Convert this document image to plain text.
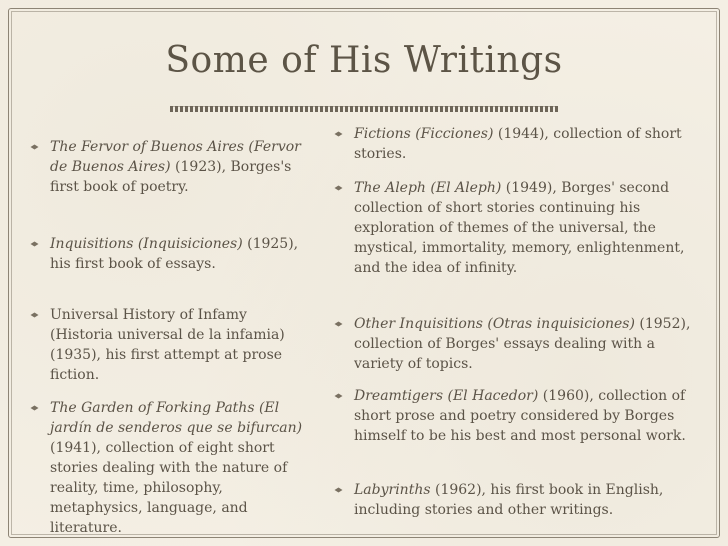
Some of His Writings
The Fervor of Buenos Aires (Fervor de Buenos Aires) (1923), Borges's first book of poetry.
Inquisitions (Inquisiciones) (1925), his first book of essays.
Universal History of Infamy (Historia universal de la infamia) (1935), his first attempt at prose fiction.
The Garden of Forking Paths (El jardín de senderos que se bifurcan) (1941), collection of eight short stories dealing with the nature of reality, time, philosophy, metaphysics, language, and literature.
Fictions (Ficciones) (1944), collection of short stories.
The Aleph (El Aleph) (1949), Borges' second collection of short stories continuing his exploration of themes of the universal, the mystical, immortality, memory, enlightenment, and the idea of infinity.
Other Inquisitions (Otras inquisiciones) (1952), collection of Borges' essays dealing with a variety of topics.
Dreamtigers (El Hacedor) (1960), collection of short prose and poetry considered by Borges himself to be his best and most personal work.
Labyrinths (1962), his first book in English, including stories and other writings.
